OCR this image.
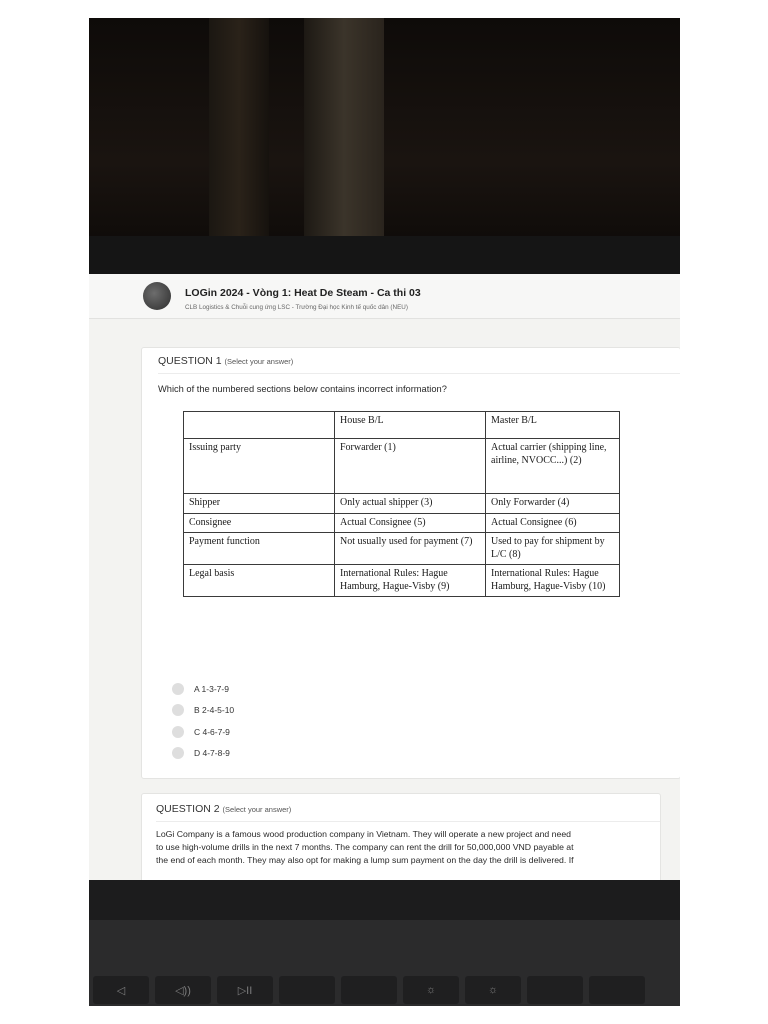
LOGin 2024 - Vòng 1: Heat De Steam - Ca thi 03
CLB Logistics & Chuỗi cung ứng LSC - Trường Đại học Kinh tế quốc dân (NEU)
QUESTION 1 (Select your answer)
Which of the numbered sections below contains incorrect information?
	House B/L	Master B/L
Issuing party	Forwarder (1)	Actual carrier (shipping line, airline, NVOCC...) (2)
Shipper	Only actual shipper (3)	Only Forwarder (4)
Consignee	Actual Consignee (5)	Actual Consignee (6)
Payment function	Not usually used for payment (7)	Used to pay for shipment by L/C (8)
Legal basis	International Rules: Hague Hamburg, Hague-Visby (9)	International Rules: Hague Hamburg, Hague-Visby (10)
A 1-3-7-9
B 2-4-5-10
C 4-6-7-9
D 4-7-8-9
QUESTION 2 (Select your answer)
LoGi Company is a famous wood production company in Vietnam. They will operate a new project and need
to use high-volume drills in the next 7 months. The company can rent the drill for 50,000,000 VND payable at
the end of each month. They may also opt for making a lump sum payment on the day the drill is delivered. If
◁	◁))	▷II	☼	☼
